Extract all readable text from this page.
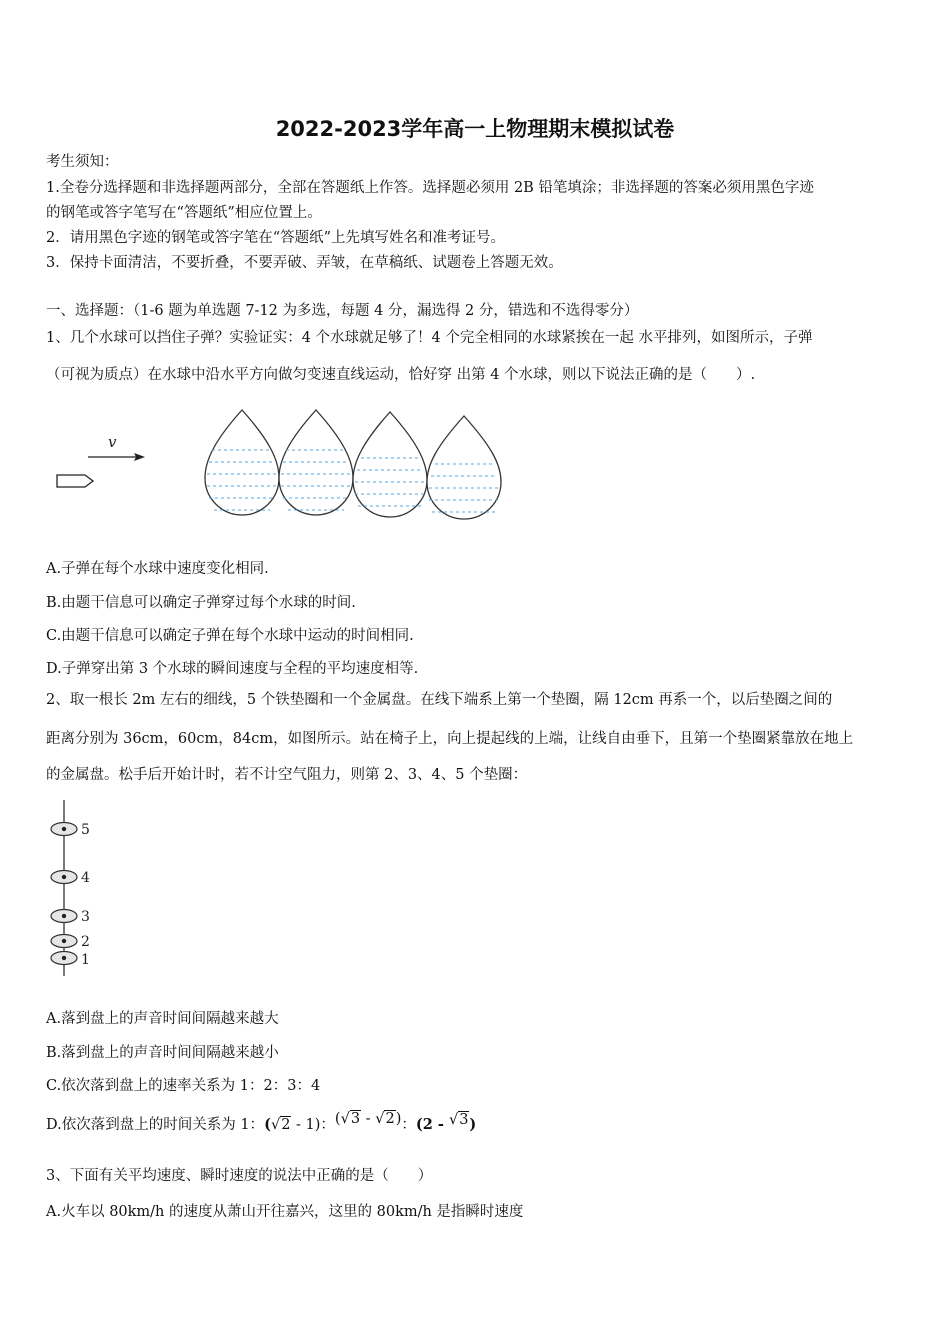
2022-2023学年高一上物理期末模拟试卷
考生须知：
1.全卷分选择题和非选择题两部分，全部在答题纸上作答。选择题必须用 2B 铅笔填涂；非选择题的答案必须用黑色字迹
的钢笔或答字笔写在“答题纸”相应位置上。
2．请用黑色字迹的钢笔或答字笔在“答题纸”上先填写姓名和准考证号。
3．保持卡面清洁，不要折叠，不要弄破、弄皱，在草稿纸、试题卷上答题无效。
一、选择题：（1-6 题为单选题 7-12 为多选，每题 4 分，漏选得 2 分，错选和不选得零分）
1、几个水球可以挡住子弹？实验证实：4 个水球就足够了！4 个完全相同的水球紧挨在一起 水平排列，如图所示，子弹
（可视为质点）在水球中沿水平方向做匀变速直线运动，恰好穿 出第 4 个水球，则以下说法正确的是（　　）.
v
A.子弹在每个水球中速度变化相同.
B.由题干信息可以确定子弹穿过每个水球的时间.
C.由题干信息可以确定子弹在每个水球中运动的时间相同.
D.子弹穿出第 3 个水球的瞬间速度与全程的平均速度相等.
2、取一根长 2m 左右的细线，5 个铁垫圈和一个金属盘。在线下端系上第一个垫圈，隔 12cm 再系一个，以后垫圈之间的
距离分别为 36cm，60cm，84cm，如图所示。站在椅子上，向上提起线的上端，让线自由垂下，且第一个垫圈紧靠放在地上
的金属盘。松手后开始计时，若不计空气阻力，则第 2、3、4、5 个垫圈：
5
4
3
2
1
A.落到盘上的声音时间间隔越来越大
B.落到盘上的声音时间间隔越来越小
C.依次落到盘上的速率关系为 1：2：3：4
D.依次落到盘上的时间关系为 1：(√2 - 1)：(√3 - √2)：(2 - √3)
3、下面有关平均速度、瞬时速度的说法中正确的是（　　）
A.火车以 80km/h 的速度从萧山开往嘉兴，这里的 80km/h 是指瞬时速度
